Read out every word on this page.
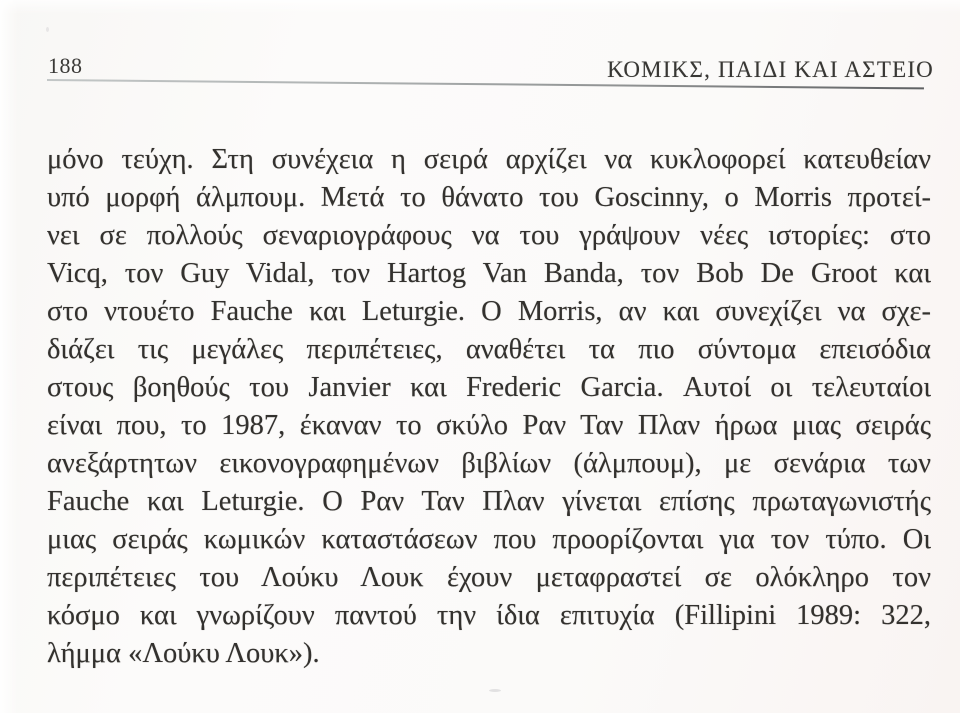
188	ΚΟΜΙΚΣ, ΠΑΙΔΙ ΚΑΙ ΑΣΤΕΙΟ
μόνο τεύχη. Στη συνέχεια η σειρά αρχίζει να κυκλοφορεί κατευθείαν
υπό μορφή άλμπουμ. Μετά το θάνατο του Goscinny, ο Morris προτεί-
νει σε πολλούς σεναριογράφους να του γράψουν νέες ιστορίες: στο
Vicq, τον Guy Vidal, τον Hartog Van Banda, τον Bob De Groot και
στο ντουέτο Fauche και Leturgie. Ο Morris, αν και συνεχίζει να σχε-
διάζει τις μεγάλες περιπέτειες, αναθέτει τα πιο σύντομα επεισόδια
στους βοηθούς του Janvier και Frederic Garcia. Αυτοί οι τελευταίοι
είναι που, το 1987, έκαναν το σκύλο Ραν Ταν Πλαν ήρωα μιας σειράς
ανεξάρτητων εικονογραφημένων βιβλίων (άλμπουμ), με σενάρια των
Fauche και Leturgie. Ο Ραν Ταν Πλαν γίνεται επίσης πρωταγωνιστής
μιας σειράς κωμικών καταστάσεων που προορίζονται για τον τύπο. Οι
περιπέτειες του Λούκυ Λουκ έχουν μεταφραστεί σε ολόκληρο τον
κόσμο και γνωρίζουν παντού την ίδια επιτυχία (Fillipini 1989: 322,
λήμμα «Λούκυ Λουκ»).
